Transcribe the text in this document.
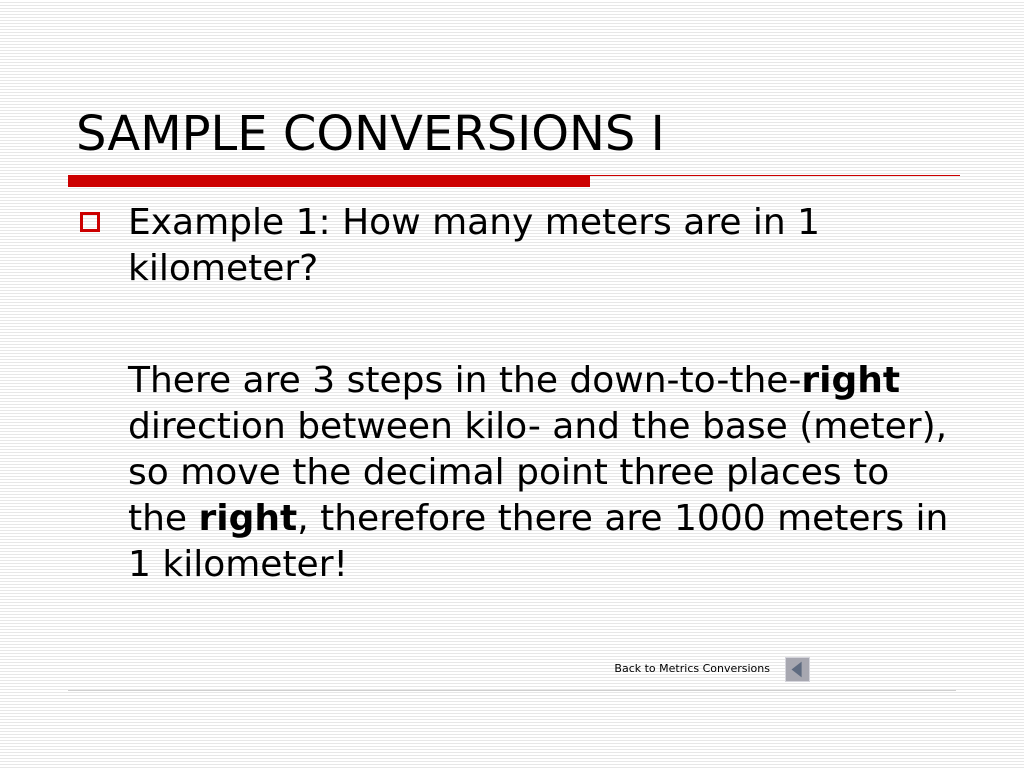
SAMPLE CONVERSIONS I

Example 1: How many meters are in 1 kilometer?

There are 3 steps in the down-to-the-right direction between kilo- and the base (meter), so move the decimal point three places to the right, therefore there are 1000 meters in 1 kilometer!

Back to Metrics Conversions
